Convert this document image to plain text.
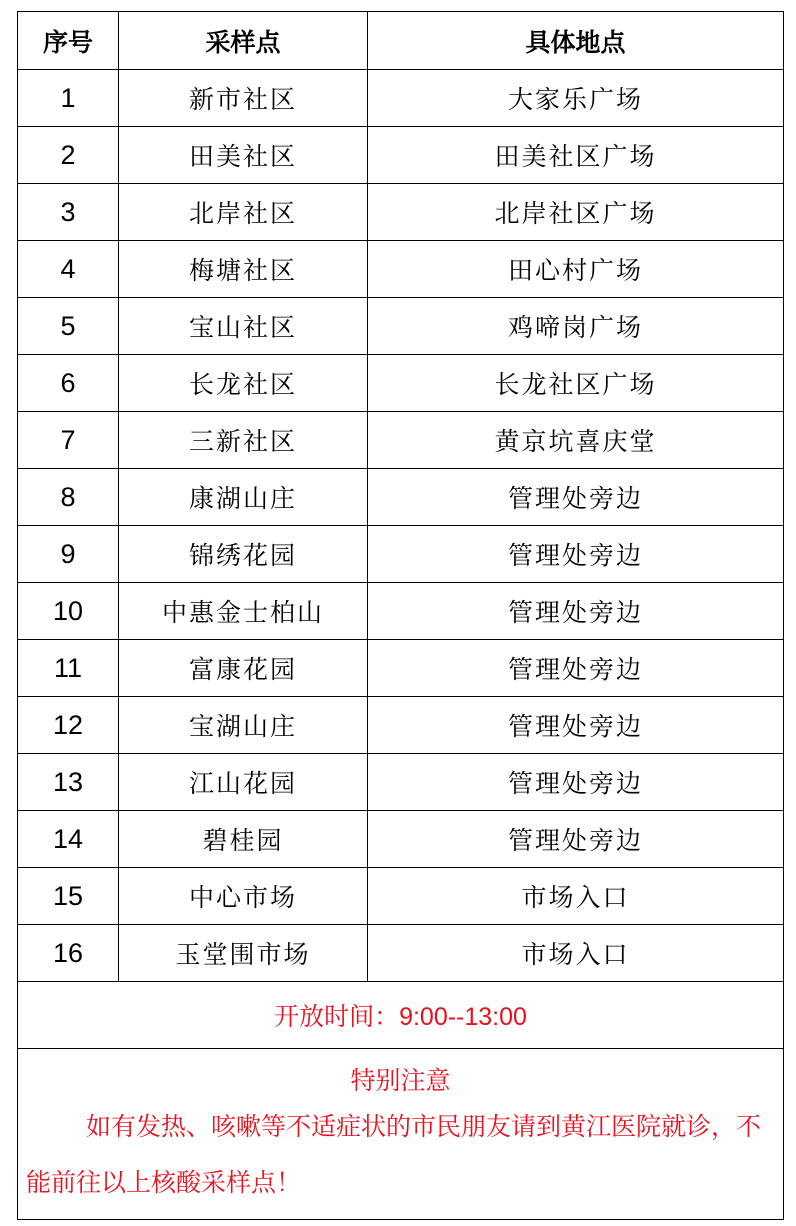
序号	采样点	具体地点
1	新市社区	大家乐广场
2	田美社区	田美社区广场
3	北岸社区	北岸社区广场
4	梅塘社区	田心村广场
5	宝山社区	鸡啼岗广场
6	长龙社区	长龙社区广场
7	三新社区	黄京坑喜庆堂
8	康湖山庄	管理处旁边
9	锦绣花园	管理处旁边
10	中惠金士柏山	管理处旁边
11	富康花园	管理处旁边
12	宝湖山庄	管理处旁边
13	江山花园	管理处旁边
14	碧桂园	管理处旁边
15	中心市场	市场入口
16	玉堂围市场	市场入口
开放时间：9:00--13:00		

特别注意
如有发热、咳嗽等不适症状的市民朋友请到黄江医院就诊，不能前往以上核酸采样点！		
